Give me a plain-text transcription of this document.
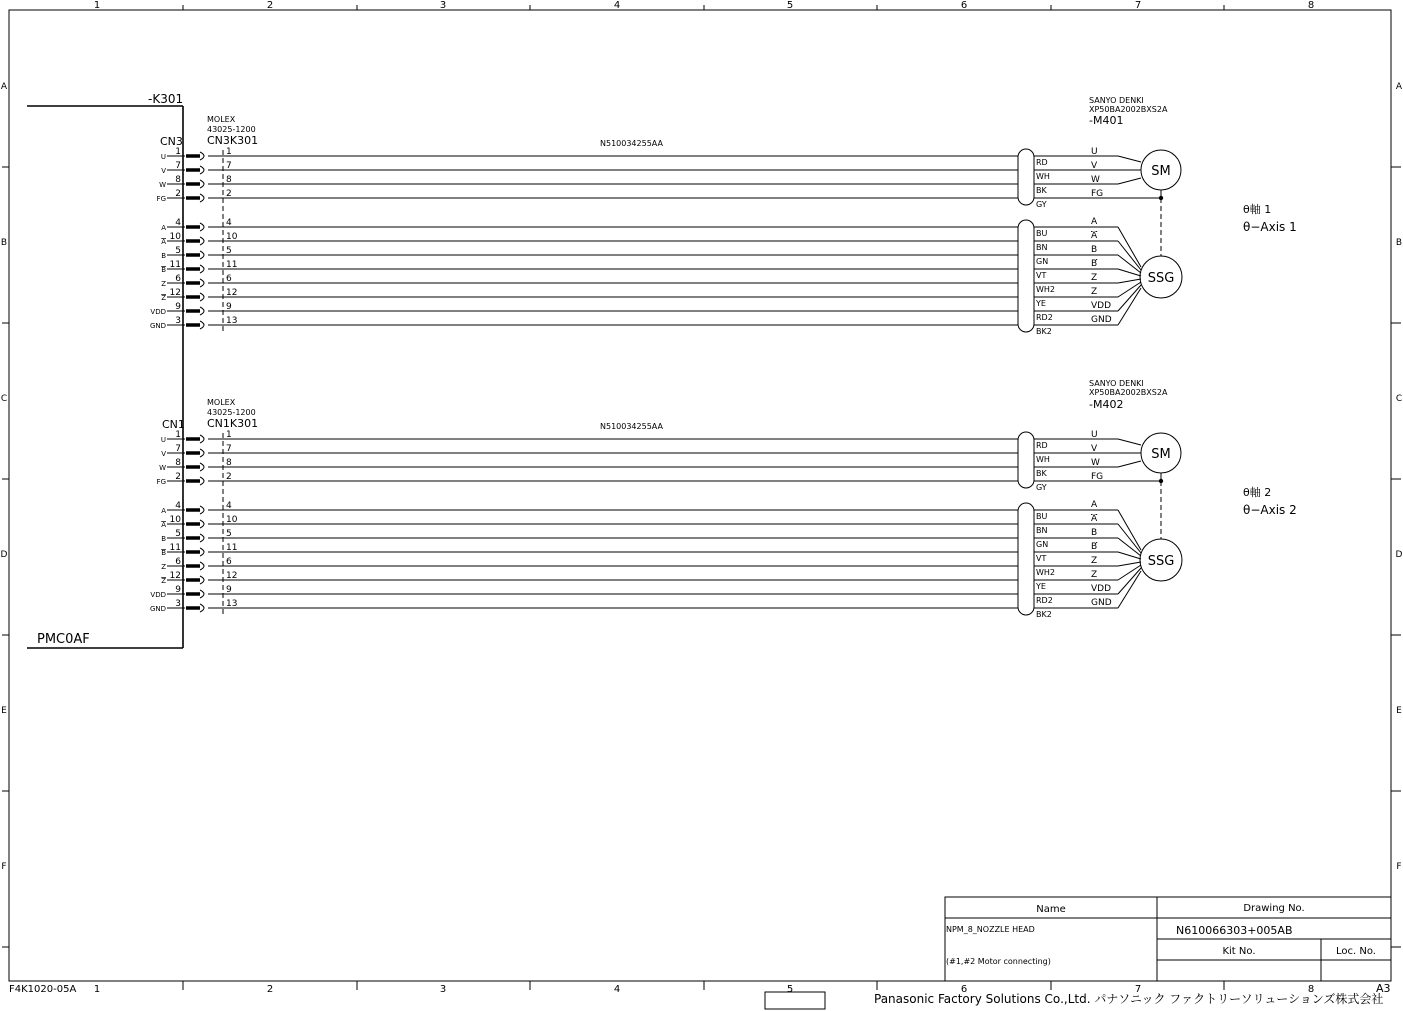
1	2	3	4	5	6	7	8
1	2	3	4	5	6	7	8
A
B
C
D
E
F
A
B
C
D
E
F
-K301
PMC0AF
CN3
MOLEX
43025-1200
CN3K301	N510034255AA
SANYO DENKI
XP50BA2002BXS2A
-M401
SM
SSG
θ軸 1
θ−Axis 1
U 1	1
RD
U
V 7	7
WH
V
W 8	8
BK
W
FG 2	2
GY
FG
A 4	4
BU
A
A 10	10
BN
A
B 5	5
GN
B
B 11	11
VT
B
Z 6	6
WH2
Z
Z 12	12
YE
Z
VDD 9	9
RD2
VDD
GND 3	13
BK2
GND
CN1
MOLEX
43025-1200
CN1K301	N510034255AA
SANYO DENKI
XP50BA2002BXS2A
-M402
SM
SSG
θ軸 2
θ−Axis 2
U 1	1
RD
U
V 7	7
WH
V
W 8	8
BK
W
FG 2	2
GY
FG
A 4	4
BU
A
A 10	10
BN
A
B 5	5
GN
B
B 11	11
VT
B
Z 6	6
WH2
Z
Z 12	12
YE
Z
VDD 9	9
RD2
VDD
GND 3	13
BK2
GND
Name	Drawing No.
NPM_8_NOZZLE HEAD
(#1,#2 Motor connecting)
N610066303+005AB
Kit No.	Loc. No.
F4K1020-05A	A3
Panasonic Factory Solutions Co.,Ltd. パナソニック ファクトリーソリューションズ株式会社
